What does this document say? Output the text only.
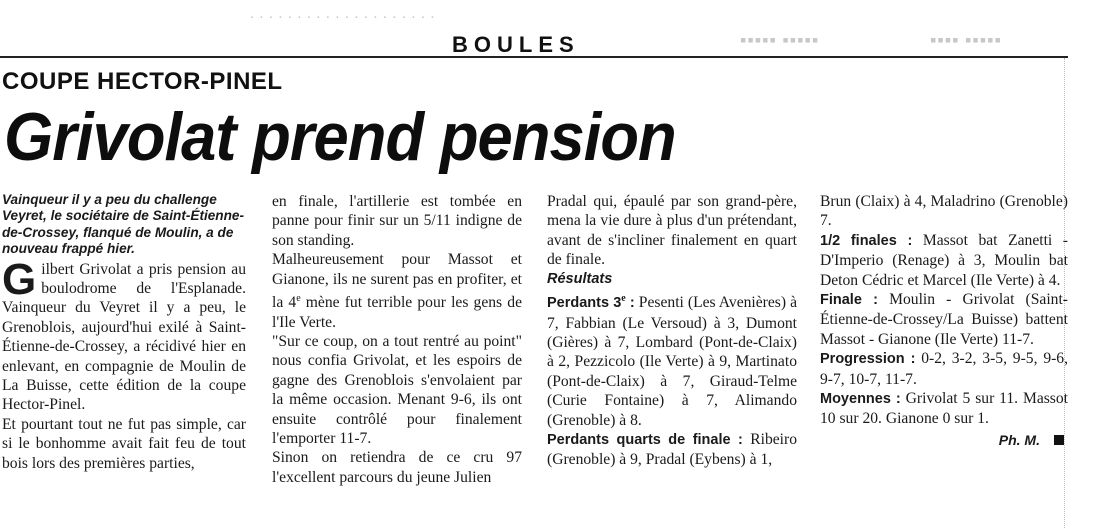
. . . . . . . . . . . . . . . . . . . .
▪▪▪▪▪ ▪▪▪▪▪	▪▪▪▪ ▪▪▪▪▪
BOULES
COUPE HECTOR-PINEL
Grivolat prend pension

Vainqueur il y a peu du challenge Veyret, le sociétaire de Saint-Étienne-de-Crossey, flanqué de Moulin, a de nouveau frappé hier.

Gilbert Grivolat a pris pension au boulodrome de l'Esplanade. Vainqueur du Veyret il y a peu, le Grenoblois, aujourd'hui exilé à Saint-Étienne-de-Crossey, a récidivé hier en enlevant, en compagnie de Moulin de La Buisse, cette édition de la coupe Hector-Pinel.

Et pourtant tout ne fut pas simple, car si le bonhomme avait fait feu de tout bois lors des premières parties,

en finale, l'artillerie est tombée en panne pour finir sur un 5/11 indigne de son standing.

Malheureusement pour Massot et Gianone, ils ne surent pas en profiter, et la 4e mène fut terrible pour les gens de l'Ile Verte.

"Sur ce coup, on a tout rentré au point" nous confia Grivolat, et les espoirs de gagne des Grenoblois s'envolaient par la même occasion. Menant 9-6, ils ont ensuite contrôlé pour finalement l'emporter 11-7.

Sinon on retiendra de ce cru 97 l'excellent parcours du jeune Julien

Pradal qui, épaulé par son grand-père, mena la vie dure à plus d'un prétendant, avant de s'incliner finalement en quart de finale.

Résultats

Perdants 3e : Pesenti (Les Avenières) à 7, Fabbian (Le Versoud) à 3, Dumont (Gières) à 7, Lombard (Pont-de-Claix) à 2, Pezzicolo (Ile Verte) à 9, Martinato (Pont-de-Claix) à 7, Giraud-Telme (Curie Fontaine) à 7, Alimando (Grenoble) à 8.

Perdants quarts de finale : Ribeiro (Grenoble) à 9, Pradal (Eybens) à 1,

Brun (Claix) à 4, Maladrino (Grenoble) 7.

1/2 finales : Massot bat Zanetti - D'Imperio (Renage) à 3, Moulin bat Deton Cédric et Marcel (Ile Verte) à 4.

Finale : Moulin - Grivolat (Saint-Étienne-de-Crossey/La Buisse) battent Massot - Gianone (Ile Verte) 11-7.

Progression : 0-2, 3-2, 3-5, 9-5, 9-6, 9-7, 10-7, 11-7.

Moyennes : Grivolat 5 sur 11. Massot 10 sur 20. Gianone 0 sur 1.

Ph. M.
